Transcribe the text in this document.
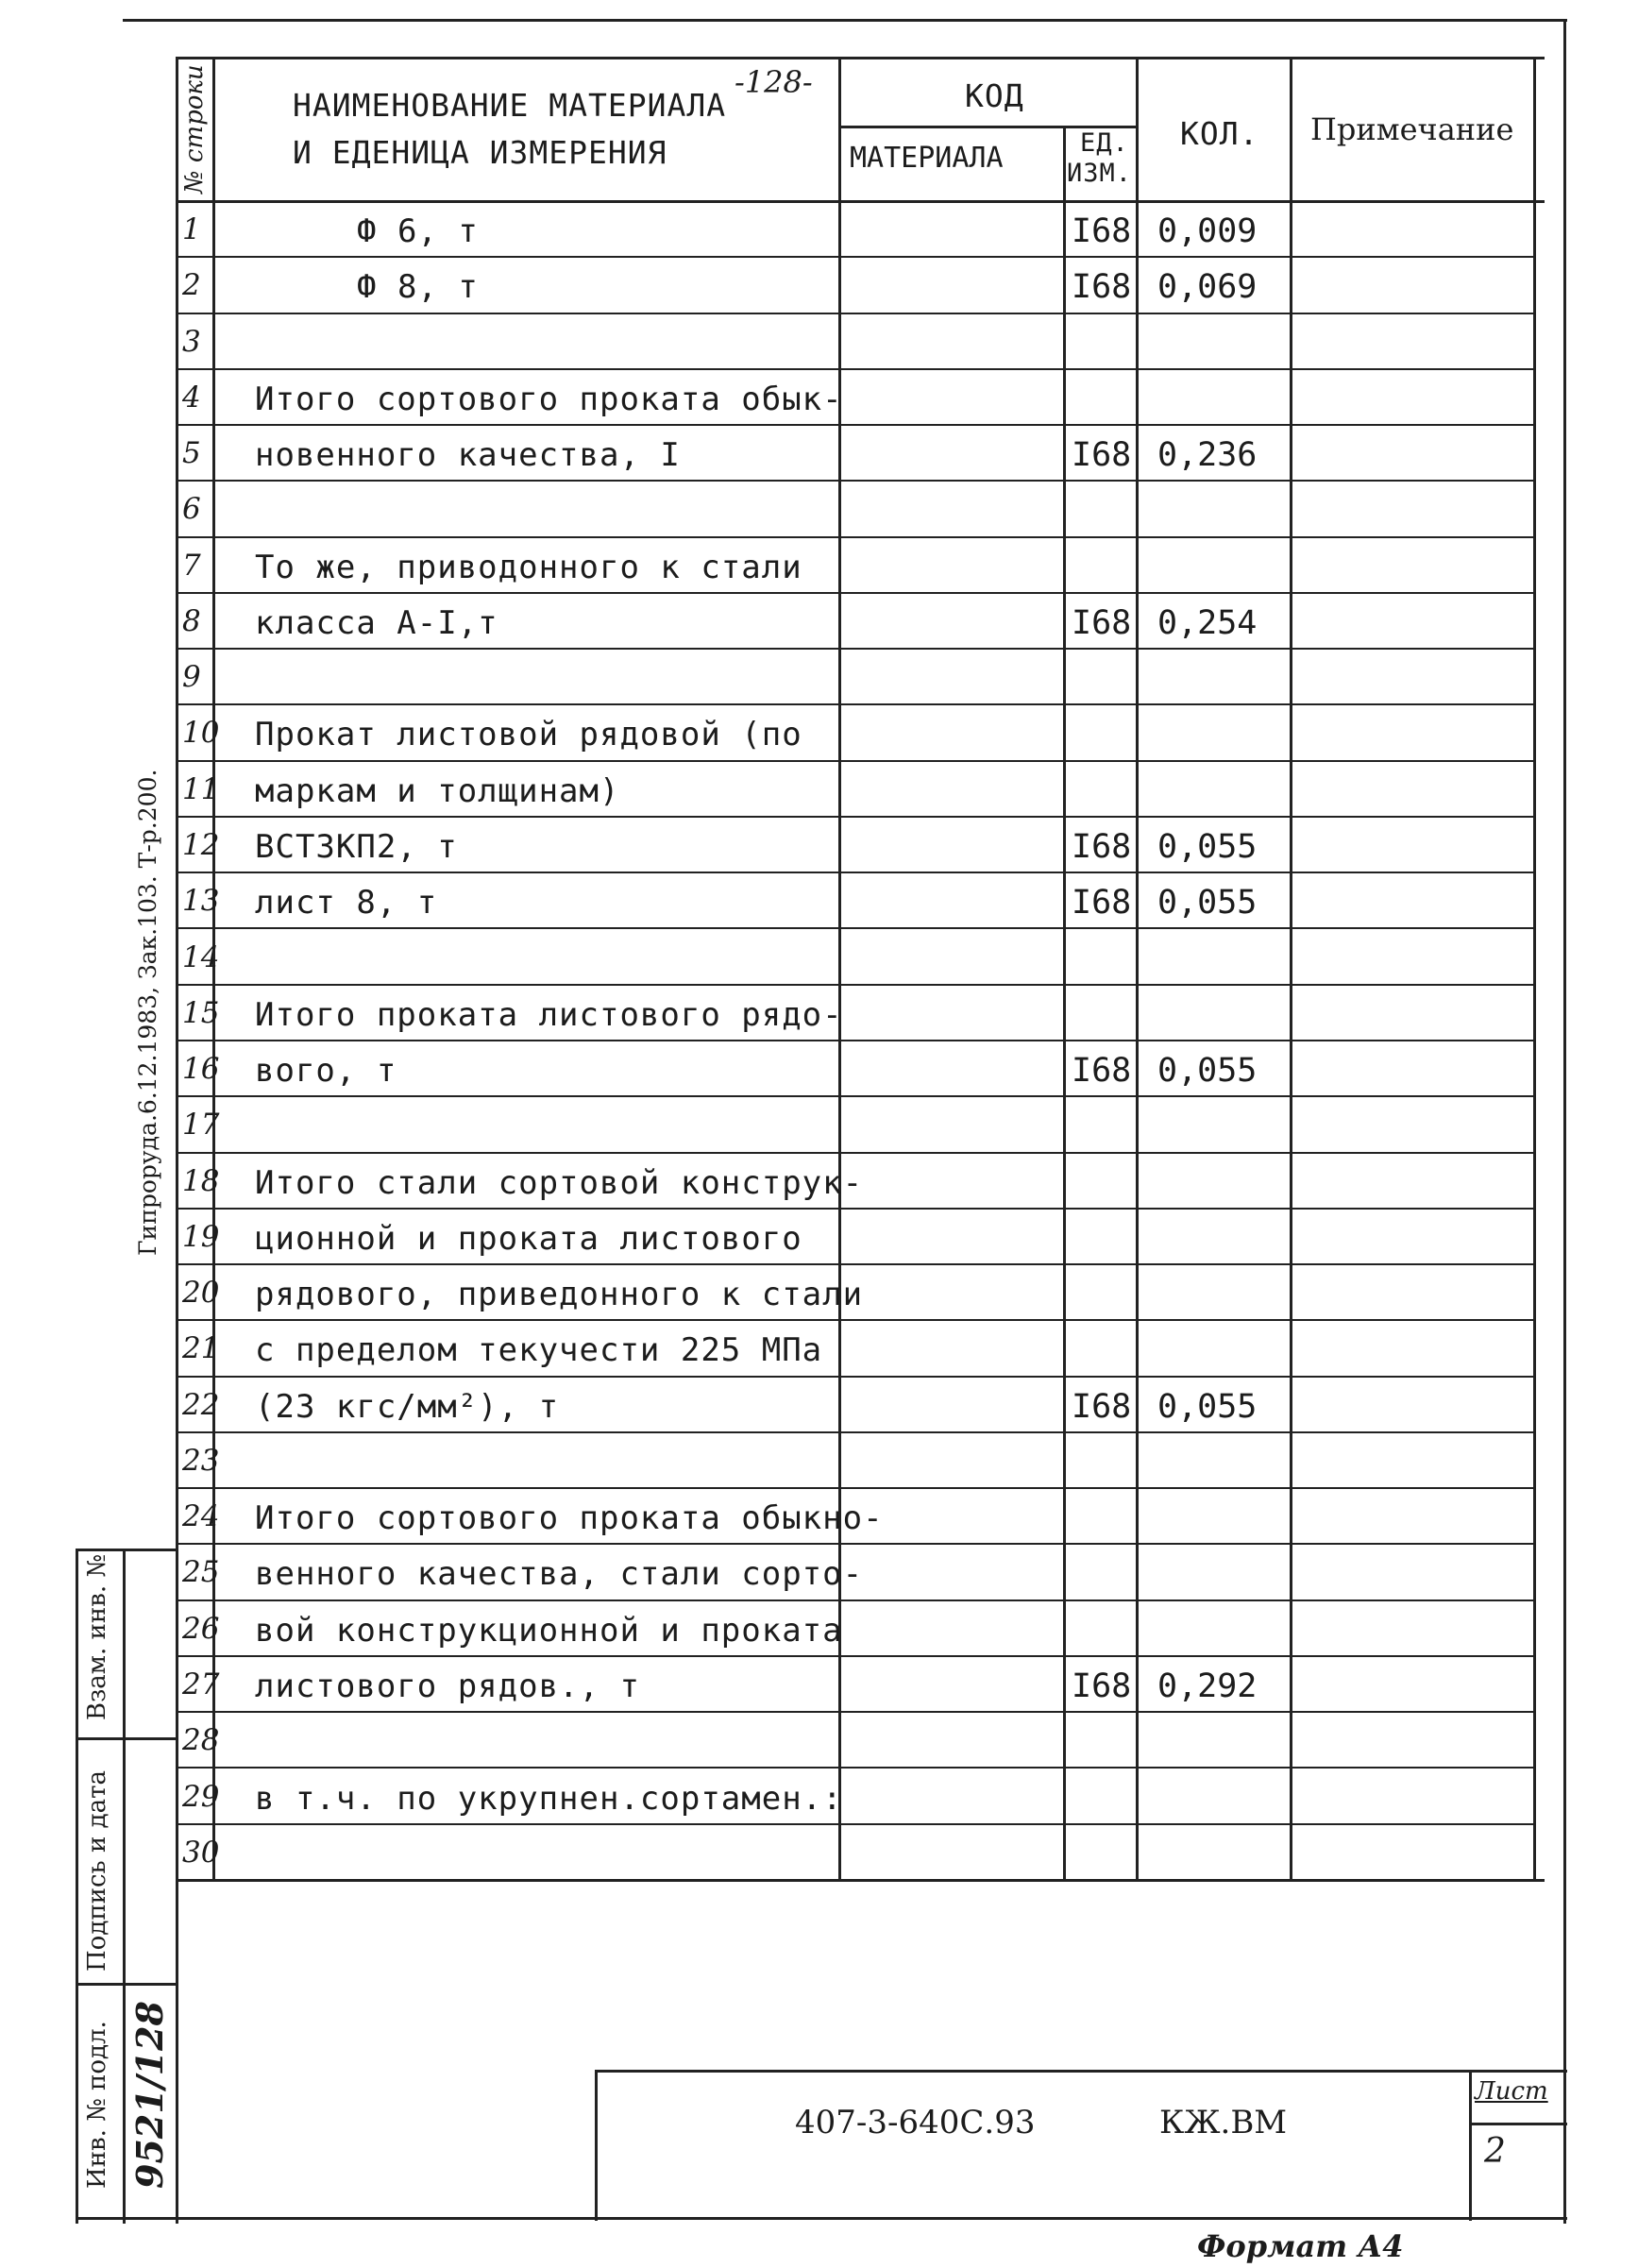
№ строки	НАИМЕНОВАНИЕ МАТЕРИАЛА
-128-
И ЕДЕНИЦА ИЗМЕРЕНИЯ
КОД
МАТЕРИАЛА	ЕД.
ИЗМ.
КОЛ. Примечание
1	Ф 6, т	I68 0,009
2	Ф 8, т	I68 0,069
3
4 Итого сортового проката обык-
5 новенного качества, I	I68 0,236
6
7 То же, приводонного к стали
8 класса А-I,т	I68 0,254
9
10 Прокат листовой рядовой (по
11 маркам и толщинам)
12 ВСТ3КП2, т	I68 0,055
13 лист 8, т	I68 0,055
14
15 Итого проката листового рядо-
16 вого, т	I68 0,055
17
18 Итого стали сортовой конструк-
19 ционной и проката листового
20 рядового, приведонного к стали
21 с пределом текучести 225 МПа
22 (23 кгс/мм²), т	I68 0,055
23
24 Итого сортового проката обыкно-
25 венного качества, стали сорто-
26 вой конструкционной и проката
27 листового рядов., т	I68 0,292
28
29 в т.ч. по укрупнен.сортамен.:
30
Гипроруда.6.12.1983, Зак.103. Т-р.200.
Взам. инв. №
Подпись и дата
Инв. № подл. 9521/128	407-3-640С.93	КЖ.ВМ
Лист
2
Формат А4
